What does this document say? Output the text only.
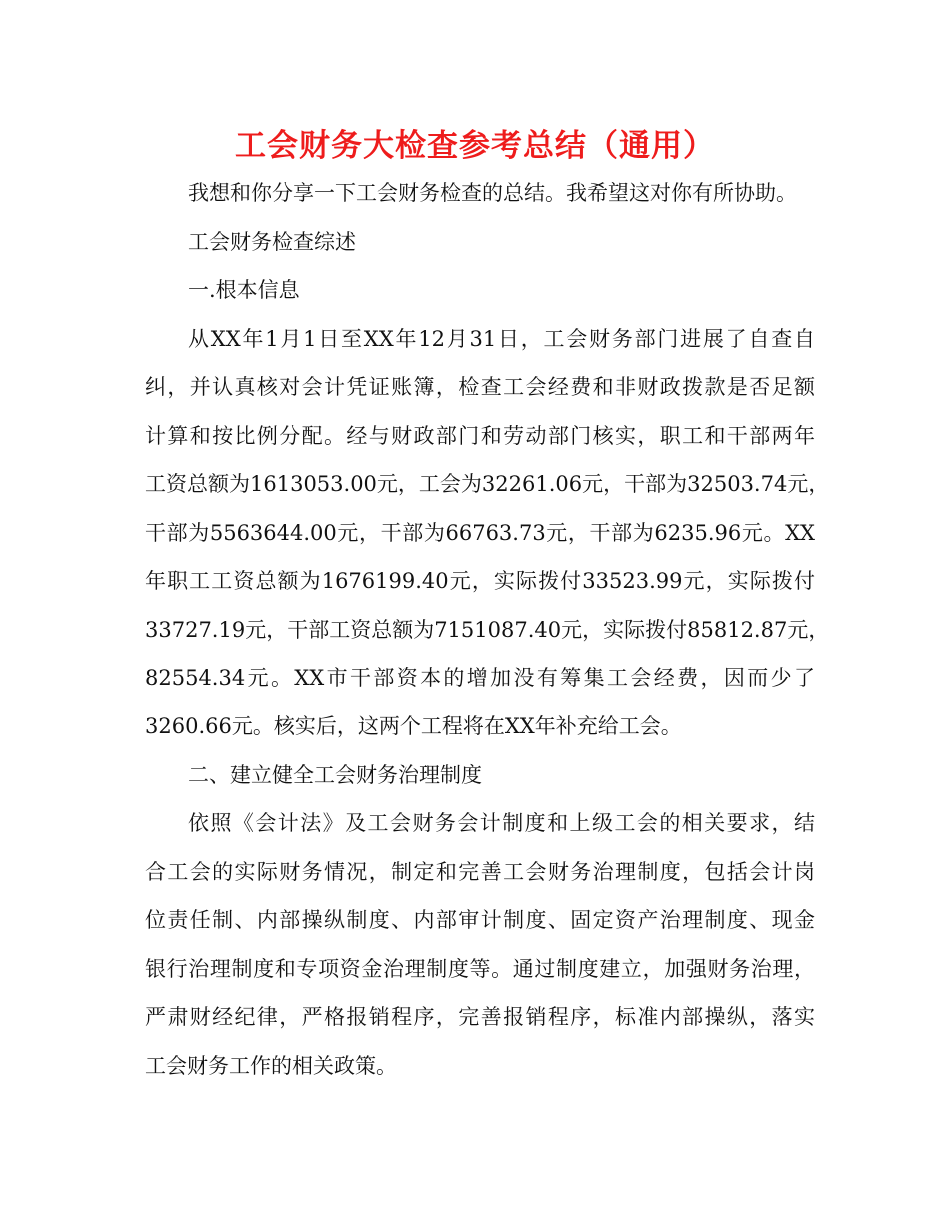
工会财务大检查参考总结（通用）
我想和你分享一下工会财务检查的总结。我希望这对你有所协助。
工会财务检查综述
一.根本信息
从XX年1月1日至XX年12月31日，工会财务部门进展了自查自
纠，并认真核对会计凭证账簿，检查工会经费和非财政拨款是否足额
计算和按比例分配。经与财政部门和劳动部门核实，职工和干部两年
工资总额为1613053.00元，工会为32261.06元，干部为32503.74元，
干部为5563644.00元，干部为66763.73元，干部为6235.96元。XX
年职工工资总额为1676199.40元，实际拨付33523.99元，实际拨付
33727.19元，干部工资总额为7151087.40元，实际拨付85812.87元，
82554.34元。XX市干部资本的增加没有筹集工会经费，因而少了
3260.66元。核实后，这两个工程将在XX年补充给工会。
二、建立健全工会财务治理制度
依照《会计法》及工会财务会计制度和上级工会的相关要求，结
合工会的实际财务情况，制定和完善工会财务治理制度，包括会计岗
位责任制、内部操纵制度、内部审计制度、固定资产治理制度、现金
银行治理制度和专项资金治理制度等。通过制度建立，加强财务治理，
严肃财经纪律，严格报销程序，完善报销程序，标准内部操纵，落实
工会财务工作的相关政策。
